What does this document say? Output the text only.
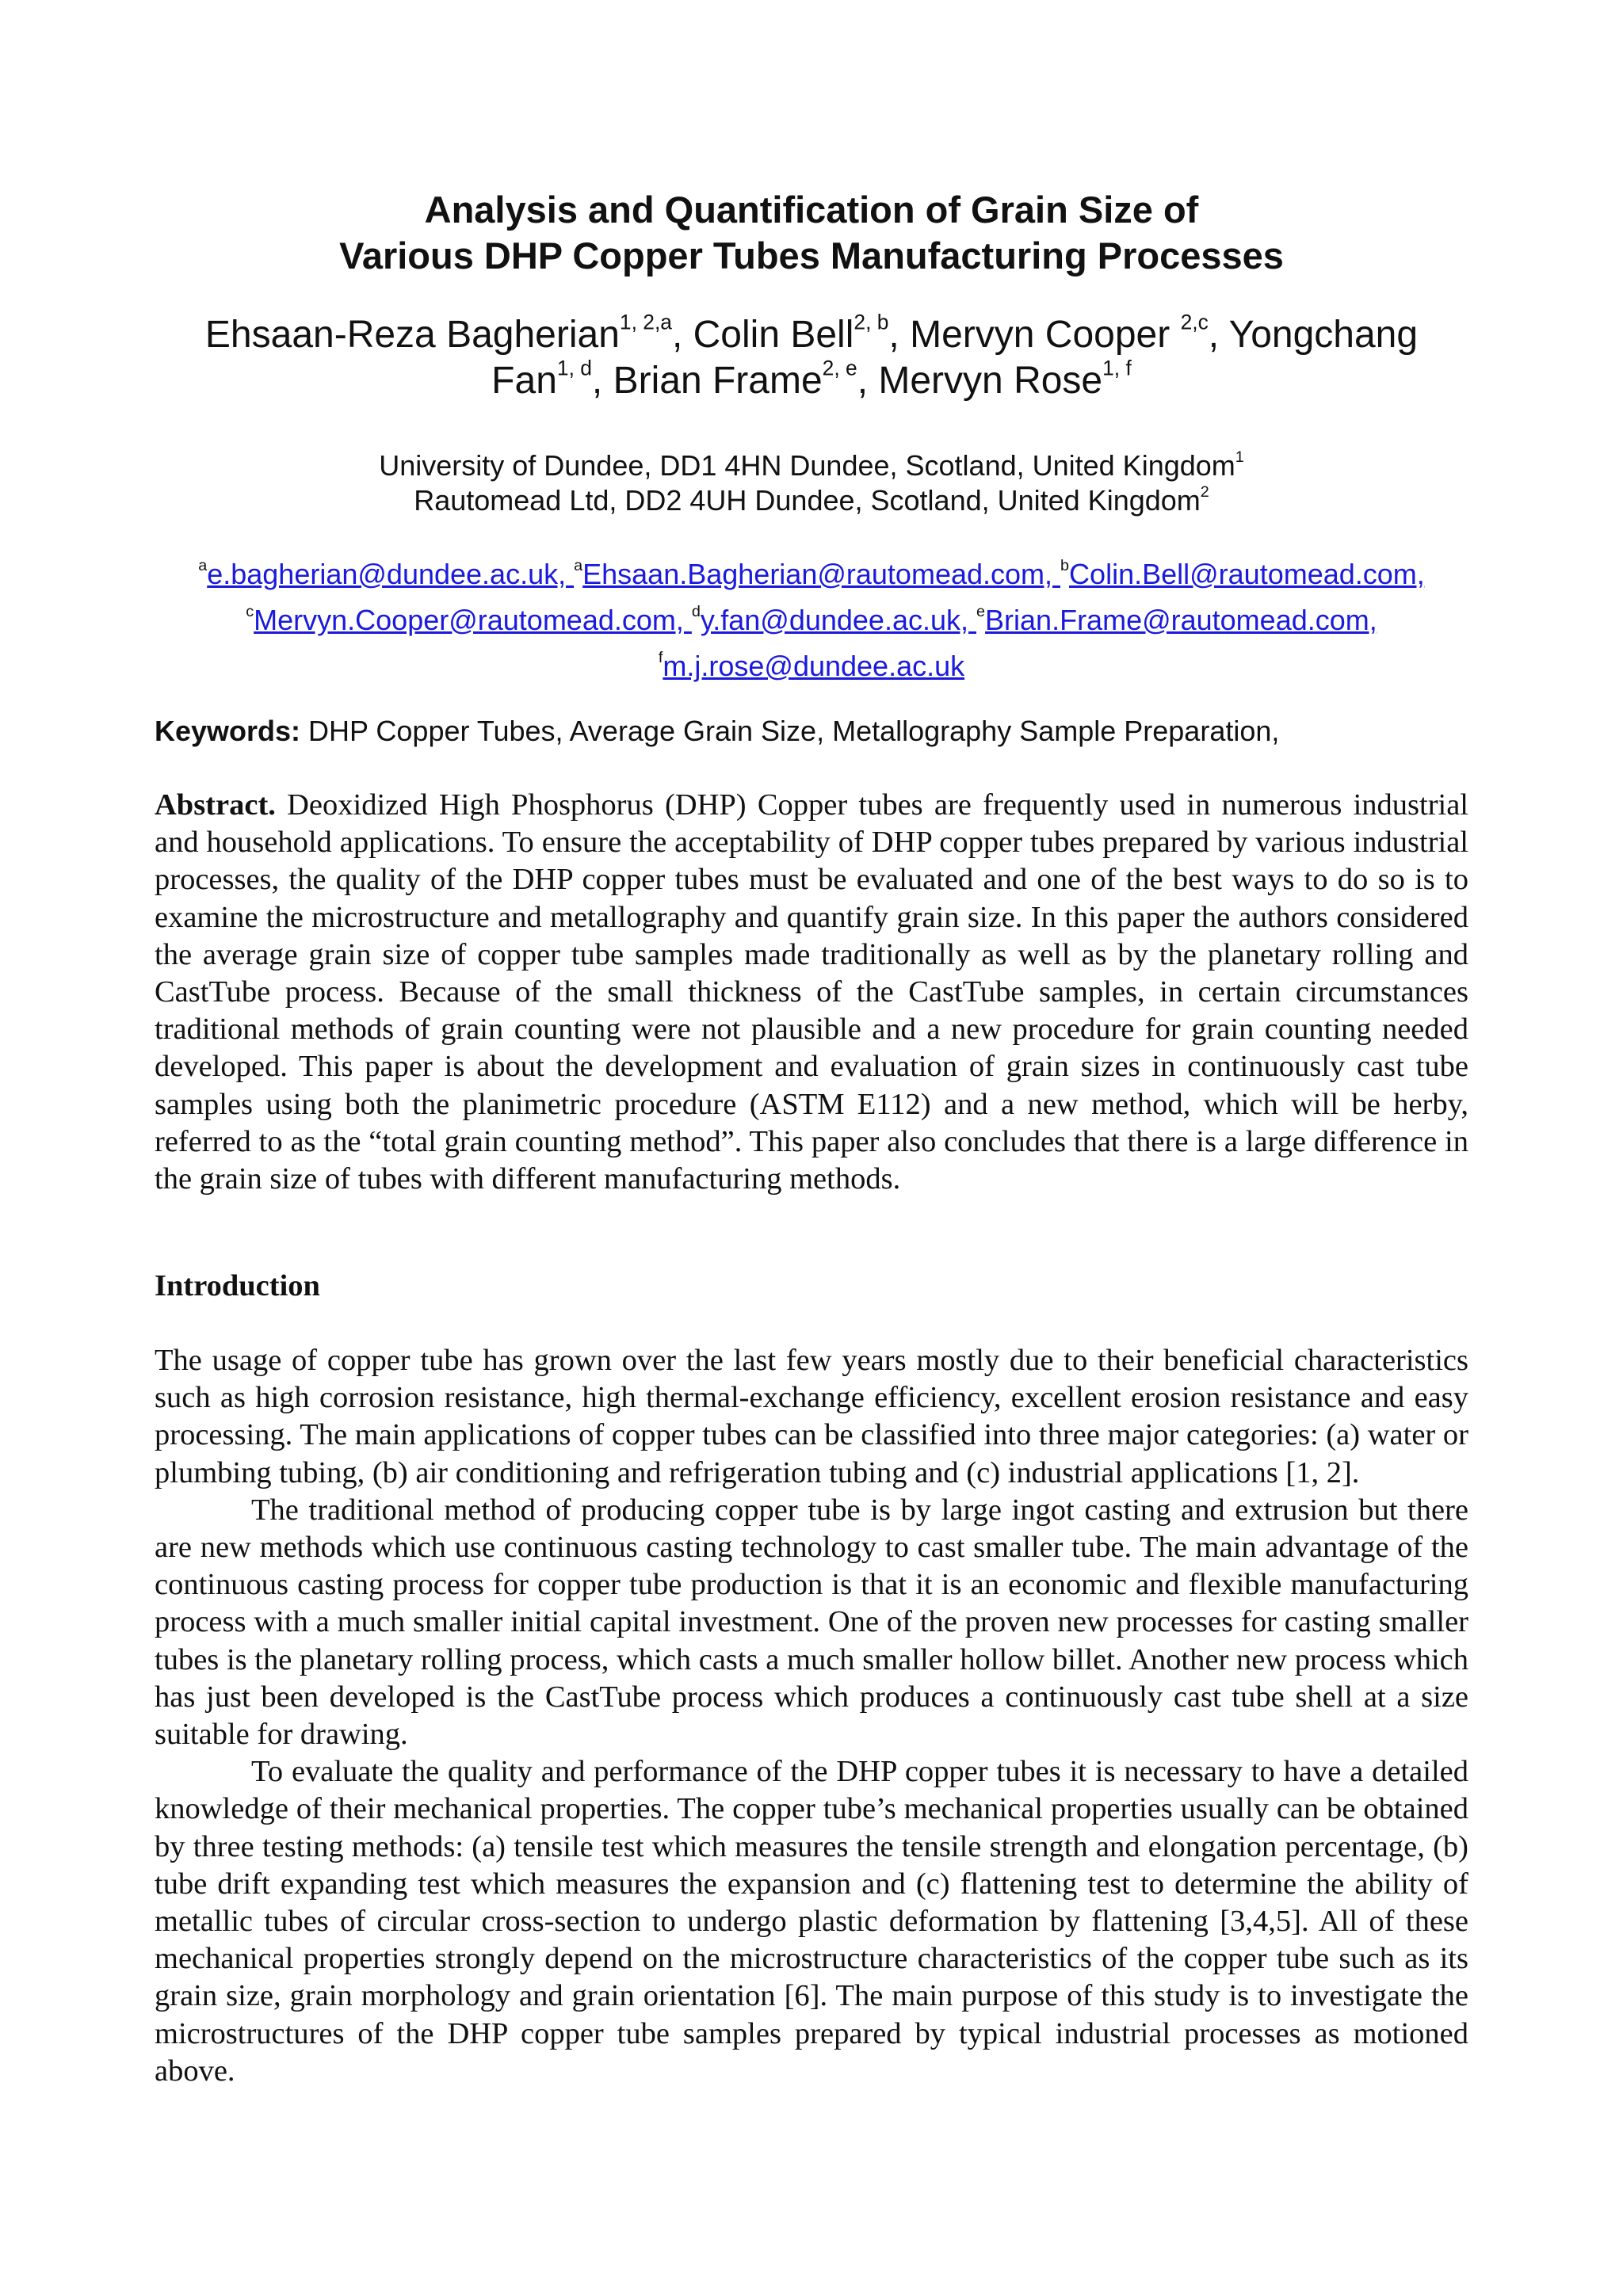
Analysis and Quantification of Grain Size of
Various DHP Copper Tubes Manufacturing Processes
Ehsaan-Reza Bagherian$^{1, 2,a}$, Colin Bell$^{2, b}$, Mervyn Cooper $^{2,c}$, Yongchang Fan$^{1, d}$, Brian Frame$^{2, e}$, Mervyn Rose$^{1, f}$
University of Dundee, DD1 4HN Dundee, Scotland, United Kingdom$^1$
Rautomead Ltd, DD2 4UH Dundee, Scotland, United Kingdom$^2$
$^a$e.bagherian@dundee.ac.uk, $^a$Ehsaan.Bagherian@rautomead.com, $^b$Colin.Bell@rautomead.com,
$^c$Mervyn.Cooper@rautomead.com, $^d$y.fan@dundee.ac.uk, $^e$Brian.Frame@rautomead.com,
$^f$m.j.rose@dundee.ac.uk
Keywords: DHP Copper Tubes, Average Grain Size, Metallography Sample Preparation,
Abstract. Deoxidized High Phosphorus (DHP) Copper tubes are frequently used in numerous industrial and household applications. To ensure the acceptability of DHP copper tubes prepared by various industrial processes, the quality of the DHP copper tubes must be evaluated and one of the best ways to do so is to examine the microstructure and metallography and quantify grain size. In this paper the authors considered the average grain size of copper tube samples made traditionally as well as by the planetary rolling and CastTube process. Because of the small thickness of the CastTube samples, in certain circumstances traditional methods of grain counting were not plausible and a new procedure for grain counting needed developed. This paper is about the development and evaluation of grain sizes in continuously cast tube samples using both the planimetric procedure (ASTM E112) and a new method, which will be herby, referred to as the “total grain counting method”. This paper also concludes that there is a large difference in the grain size of tubes with different manufacturing methods.
Introduction

The usage of copper tube has grown over the last few years mostly due to their beneficial characteristics such as high corrosion resistance, high thermal-exchange efficiency, excellent erosion resistance and easy processing. The main applications of copper tubes can be classified into three major categories: (a) water or plumbing tubing, (b) air conditioning and refrigeration tubing and (c) industrial applications [1, 2].

The traditional method of producing copper tube is by large ingot casting and extrusion but there are new methods which use continuous casting technology to cast smaller tube. The main advantage of the continuous casting process for copper tube production is that it is an economic and flexible manufacturing process with a much smaller initial capital investment. One of the proven new processes for casting smaller tubes is the planetary rolling process, which casts a much smaller hollow billet. Another new process which has just been developed is the CastTube process which produces a continuously cast tube shell at a size suitable for drawing.

To evaluate the quality and performance of the DHP copper tubes it is necessary to have a detailed knowledge of their mechanical properties. The copper tube’s mechanical properties usually can be obtained by three testing methods: (a) tensile test which measures the tensile strength and elongation percentage, (b) tube drift expanding test which measures the expansion and (c) flattening test to determine the ability of metallic tubes of circular cross-section to undergo plastic deformation by flattening [3,4,5]. All of these mechanical properties strongly depend on the microstructure characteristics of the copper tube such as its grain size, grain morphology and grain orientation [6]. The main purpose of this study is to investigate the microstructures of the DHP copper tube samples prepared by typical industrial processes as motioned above.
